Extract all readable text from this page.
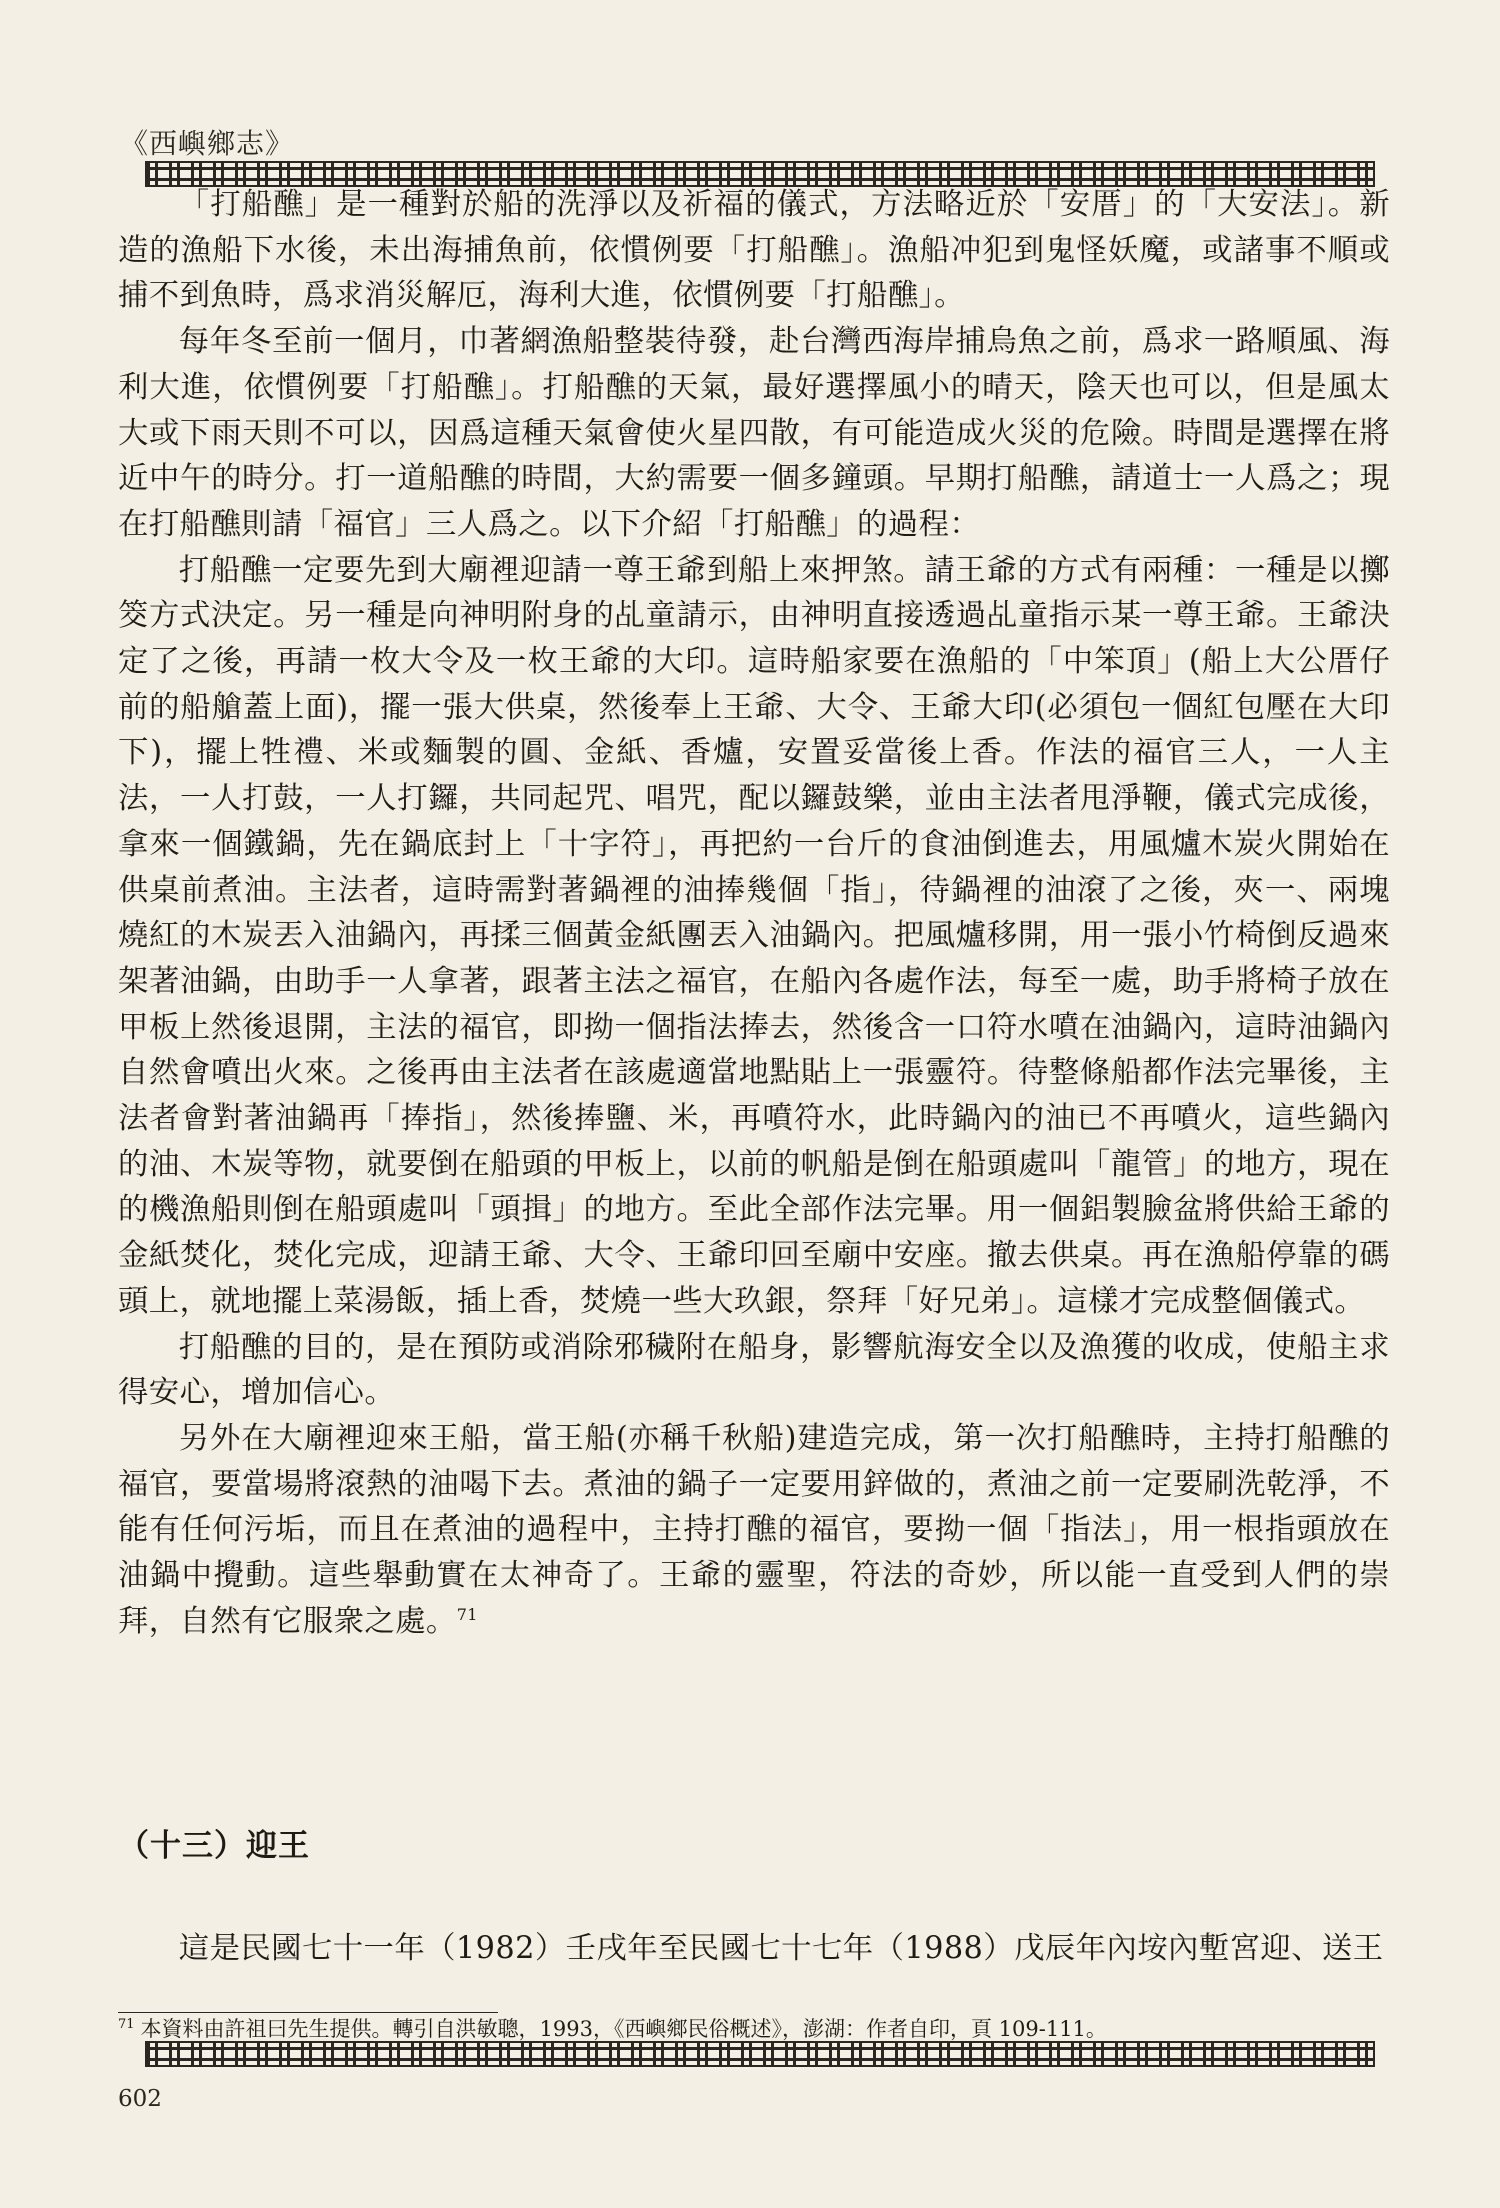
《西嶼鄉志》

「打船醮」是一種對於船的洗淨以及祈福的儀式，方法略近於「安厝」的「大安法」。新造的漁船下水後，未出海捕魚前，依慣例要「打船醮」。漁船冲犯到鬼怪妖魔，或諸事不順或捕不到魚時，爲求消災解厄，海利大進，依慣例要「打船醮」。

每年冬至前一個月，巾著網漁船整裝待發，赴台灣西海岸捕烏魚之前，爲求一路順風、海利大進，依慣例要「打船醮」。打船醮的天氣，最好選擇風小的晴天，陰天也可以，但是風太大或下雨天則不可以，因爲這種天氣會使火星四散，有可能造成火災的危險。時間是選擇在將近中午的時分。打一道船醮的時間，大約需要一個多鐘頭。早期打船醮，請道士一人爲之；現在打船醮則請「福官」三人爲之。以下介紹「打船醮」的過程：

打船醮一定要先到大廟裡迎請一尊王爺到船上來押煞。請王爺的方式有兩種：一種是以擲筊方式決定。另一種是向神明附身的乩童請示，由神明直接透過乩童指示某一尊王爺。王爺決定了之後，再請一枚大令及一枚王爺的大印。這時船家要在漁船的「中笨頂」(船上大公厝仔前的船艙蓋上面)，擺一張大供桌，然後奉上王爺、大令、王爺大印(必須包一個紅包壓在大印下)，擺上牲禮、米或麵製的圓、金紙、香爐，安置妥當後上香。作法的福官三人，一人主法，一人打鼓，一人打鑼，共同起咒、唱咒，配以鑼鼓樂，並由主法者甩淨鞭，儀式完成後，拿來一個鐵鍋，先在鍋底封上「十字符」，再把約一台斤的食油倒進去，用風爐木炭火開始在供桌前煮油。主法者，這時需對著鍋裡的油捧幾個「指」，待鍋裡的油滾了之後，夾一、兩塊燒紅的木炭丟入油鍋內，再揉三個黃金紙團丟入油鍋內。把風爐移開，用一張小竹椅倒反過來架著油鍋，由助手一人拿著，跟著主法之福官，在船內各處作法，每至一處，助手將椅子放在甲板上然後退開，主法的福官，即拗一個指法捧去，然後含一口符水噴在油鍋內，這時油鍋內自然會噴出火來。之後再由主法者在該處適當地點貼上一張靈符。待整條船都作法完畢後，主法者會對著油鍋再「捧指」，然後捧鹽、米，再噴符水，此時鍋內的油已不再噴火，這些鍋內的油、木炭等物，就要倒在船頭的甲板上，以前的帆船是倒在船頭處叫「龍管」的地方，現在的機漁船則倒在船頭處叫「頭揖」的地方。至此全部作法完畢。用一個鋁製臉盆將供給王爺的金紙焚化，焚化完成，迎請王爺、大令、王爺印回至廟中安座。撤去供桌。再在漁船停靠的碼頭上，就地擺上菜湯飯，插上香，焚燒一些大玖銀，祭拜「好兄弟」。這樣才完成整個儀式。

打船醮的目的，是在預防或消除邪穢附在船身，影響航海安全以及漁獲的收成，使船主求得安心，增加信心。

另外在大廟裡迎來王船，當王船(亦稱千秋船)建造完成，第一次打船醮時，主持打船醮的福官，要當場將滾熱的油喝下去。煮油的鍋子一定要用鋅做的，煮油之前一定要刷洗乾淨，不能有任何污垢，而且在煮油的過程中，主持打醮的福官，要拗一個「指法」，用一根指頭放在油鍋中攪動。這些舉動實在太神奇了。王爺的靈聖，符法的奇妙，所以能一直受到人們的崇拜，自然有它服衆之處。$^{71}$

（十三）迎王

這是民國七十一年（1982）壬戌年至民國七十七年（1988）戊辰年內垵內塹宮迎、送王

$^{71}$ 本資料由許祖曰先生提供。轉引自洪敏聰，1993，《西嶼鄉民俗概述》，澎湖：作者自印，頁 109-111。
602
